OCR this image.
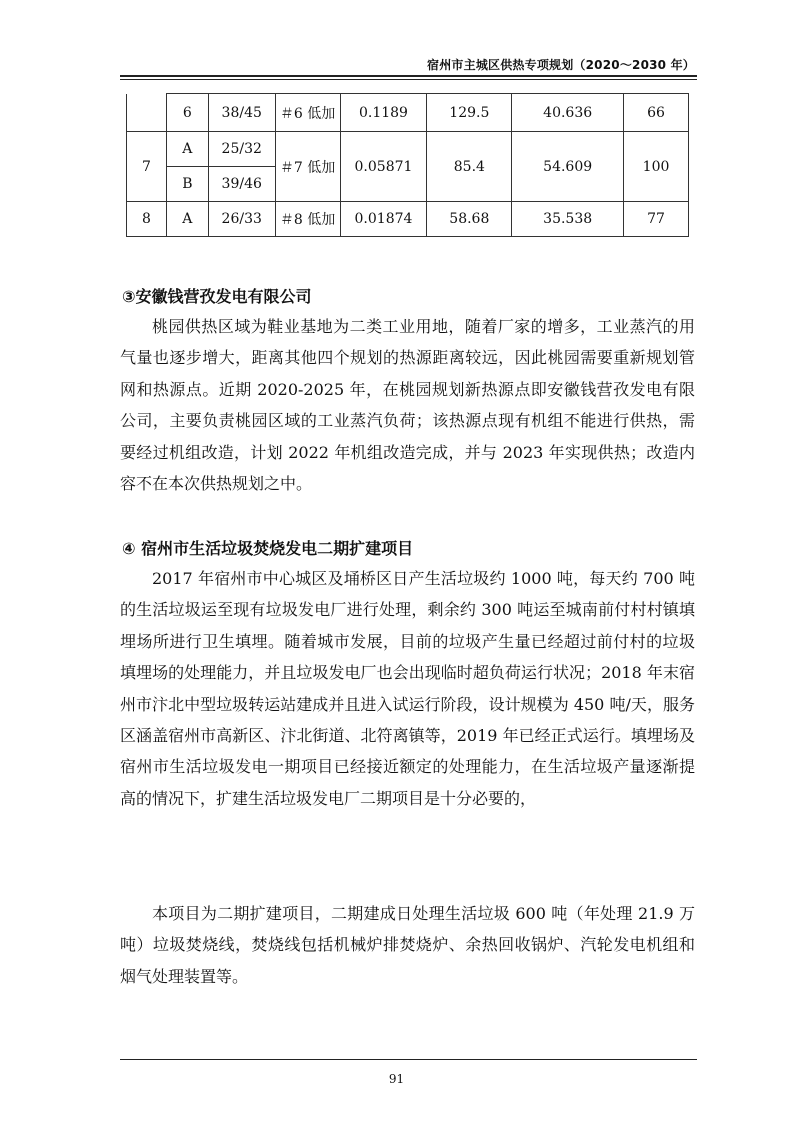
宿州市主城区供热专项规划（2020～2030 年）
	6	38/45	＃6 低加	0.1189	129.5	40.636	66
7	A	25/32	＃7 低加	0.05871	85.4	54.609	100
	B	39/46					
8	A	26/33	＃8 低加	0.01874	58.68	35.538	77
③安徽钱营孜发电有限公司

桃园供热区域为鞋业基地为二类工业用地，随着厂家的增多，工业蒸汽的用气量也逐步增大，距离其他四个规划的热源距离较远，因此桃园需要重新规划管网和热源点。近期 2020-2025 年，在桃园规划新热源点即安徽钱营孜发电有限公司，主要负责桃园区域的工业蒸汽负荷；该热源点现有机组不能进行供热，需要经过机组改造，计划 2022 年机组改造完成，并与 2023 年实现供热；改造内容不在本次供热规划之中。

④ 宿州市生活垃圾焚烧发电二期扩建项目

2017 年宿州市中心城区及埇桥区日产生活垃圾约 1000 吨，每天约 700 吨的生活垃圾运至现有垃圾发电厂进行处理，剩余约 300 吨运至城南前付村村镇填埋场所进行卫生填埋。随着城市发展，目前的垃圾产生量已经超过前付村的垃圾填埋场的处理能力，并且垃圾发电厂也会出现临时超负荷运行状况；2018 年末宿州市汴北中型垃圾转运站建成并且进入试运行阶段，设计规模为 450 吨/天，服务区涵盖宿州市高新区、汴北街道、北符离镇等，2019 年已经正式运行。填埋场及宿州市生活垃圾发电一期项目已经接近额定的处理能力，在生活垃圾产量逐渐提高的情况下，扩建生活垃圾发电厂二期项目是十分必要的，

本项目为二期扩建项目，二期建成日处理生活垃圾 600 吨（年处理 21.9 万吨）垃圾焚烧线，焚烧线包括机械炉排焚烧炉、余热回收锅炉、汽轮发电机组和烟气处理装置等。

91
